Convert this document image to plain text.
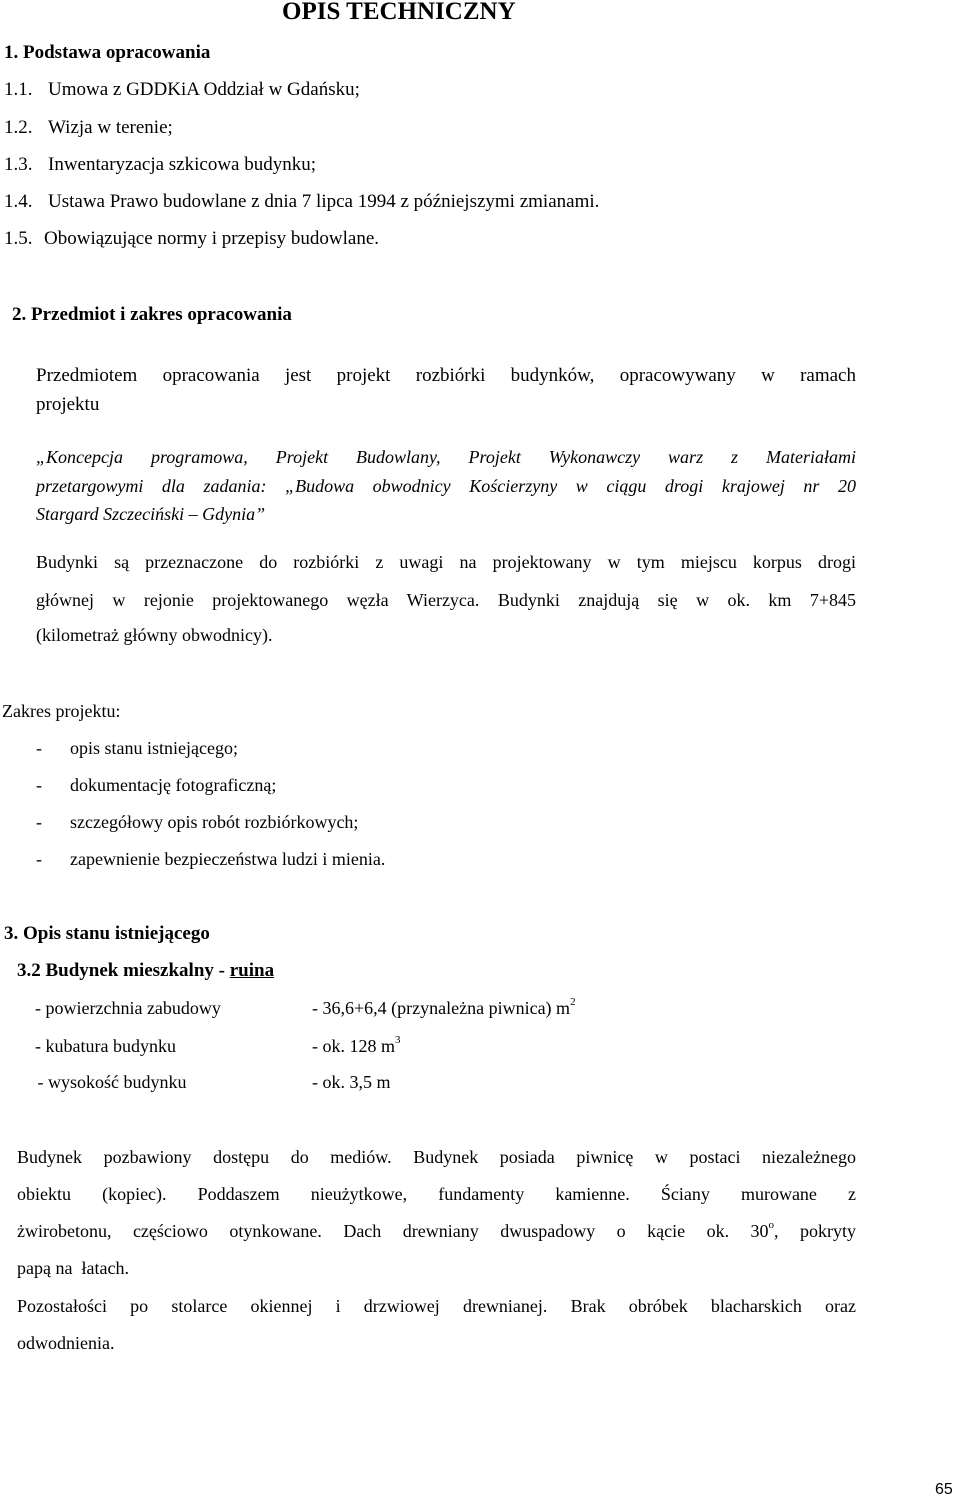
OPIS TECHNICZNY
1. Podstawa opracowania
1.1. Umowa z GDDKiA Oddział w Gdańsku;
1.2. Wizja w terenie;
1.3. Inwentaryzacja szkicowa budynku;
1.4. Ustawa Prawo budowlane z dnia 7 lipca 1994 z późniejszymi zmianami.
1.5. Obowiązujące normy i przepisy budowlane.
2. Przedmiot i zakres opracowania
Przedmiotem opracowania jest projekt rozbiórki budynków, opracowywany w ramach
projektu
„Koncepcja programowa, Projekt Budowlany, Projekt Wykonawczy warz z Materiałami
przetargowymi dla zadania: „Budowa obwodnicy Kościerzyny w ciągu drogi krajowej nr 20
Stargard Szczeciński – Gdynia”
Budynki są przeznaczone do rozbiórki z uwagi na projektowany w tym miejscu korpus drogi
głównej w rejonie projektowanego węzła Wierzyca. Budynki znajdują się w ok. km 7+845
(kilometraż główny obwodnicy).
Zakres projektu:
- opis stanu istniejącego;
- dokumentację fotograficzną;
- szczegółowy opis robót rozbiórkowych;
- zapewnienie bezpieczeństwa ludzi i mienia.
3. Opis stanu istniejącego
3.2 Budynek mieszkalny - ruina
- powierzchnia zabudowy	- 36,6+6,4 (przynależna piwnica) $m^2$
- kubatura budynku	- ok. 128 $m^3$
- wysokość budynku	- ok. 3,5 m
Budynek pozbawiony dostępu do mediów. Budynek posiada piwnicę w postaci niezależnego
obiektu (kopiec). Poddaszem nieużytkowe, fundamenty kamienne. Ściany murowane z
żwirobetonu, częściowo otynkowane. Dach drewniany dwuspadowy o kącie ok. 30$^o$, pokryty
papą na  łatach.
Pozostałości po stolarce okiennej i drzwiowej drewnianej. Brak obróbek blacharskich oraz
odwodnienia.
65
